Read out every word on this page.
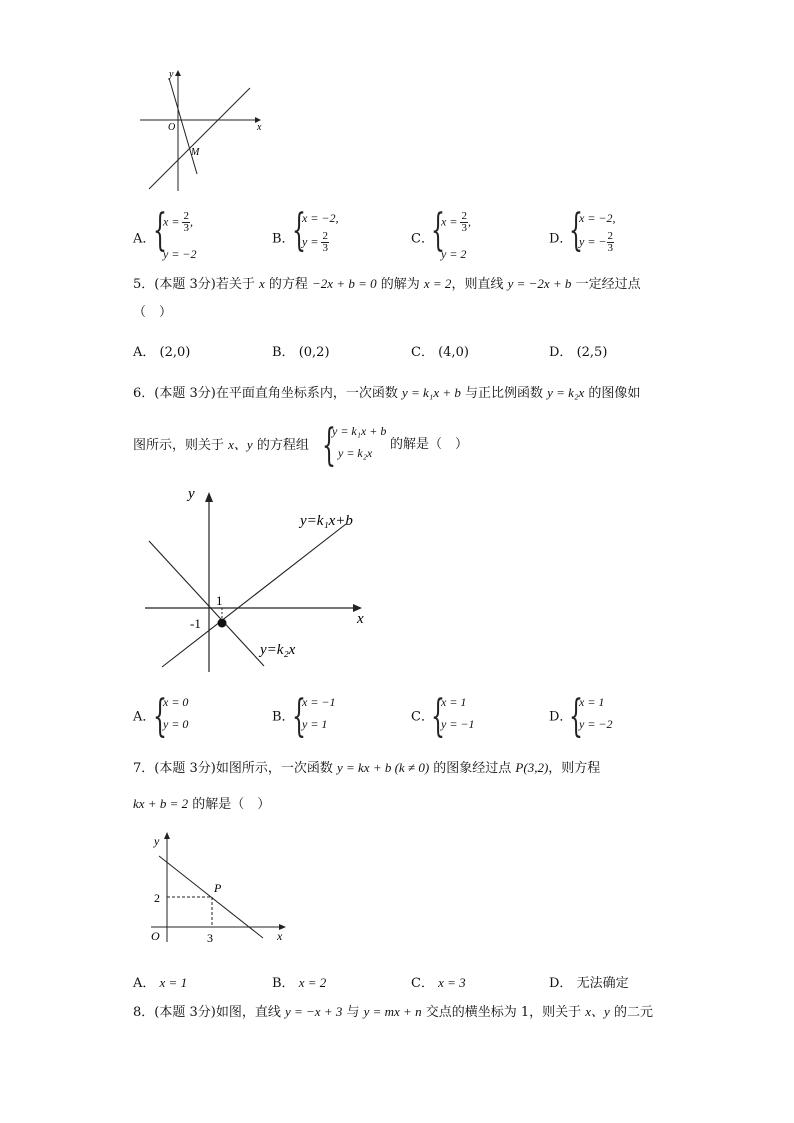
x
y
O
M
A．
{
$x = \frac{2}{3}$ ,
y = −2
B．
{
x = −2,
$y = \frac{2}{3}$	C．
{
$x = \frac{2}{3}$ ,
y = 2
D．
{
x = −2,
y = − $\frac{2}{3}$
5．(本题 3分)若关于 x 的方程 −2x + b = 0 的解为 x = 2，则直线 y = −2x + b 一定经过点
（　）
A． (2,0)	B． (0,2)	C． (4,0)	D． (2,5)
6．(本题 3分)在平面直角坐标系内，一次函数 y = k₁x + b 与正比例函数 y = k₂x 的图像如
图所示，则关于 x、y 的方程组 {
y = k₁x + b
y = k₂x
的解是（　）
x
y
y=k₁x+b
y=k₂x
1
-1
A．
{
x = 0
y = 0	B．
{
x = −1
y = 1	C．
{
x = 1
y = −1	D．
{
x = 1
y = −2
7．(本题 3分)如图所示，一次函数 y = kx + b (k ≠ 0) 的图象经过点 P(3,2)，则方程
kx + b = 2 的解是（　）
x
y
O
P
2
3
A． x = 1	B． x = 2	C． x = 3	D． 无法确定
8．(本题 3分)如图，直线 y = −x + 3 与 y = mx + n 交点的横坐标为 1，则关于 x、y 的二元
